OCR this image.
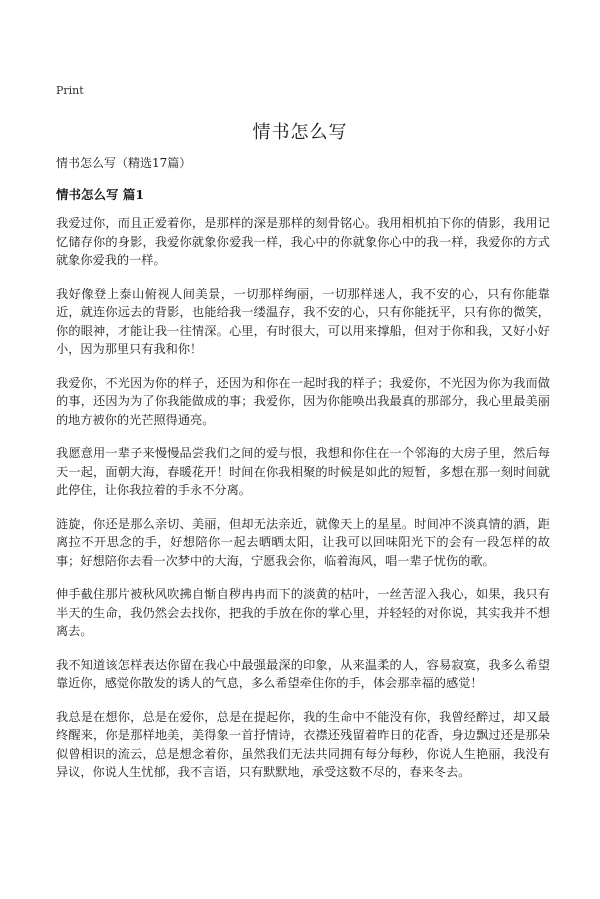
Print
情书怎么写
情书怎么写（精选17篇）
情书怎么写 篇1

我爱过你，而且正爱着你，是那样的深是那样的刻骨铭心。我用相机拍下你的倩影，我用记忆储存你的身影，我爱你就象你爱我一样，我心中的你就象你心中的我一样，我爱你的方式就象你爱我的一样。

我好像登上泰山俯视人间美景，一切那样绚丽，一切那样迷人，我不安的心，只有你能靠近，就连你远去的背影，也能给我一缕温存，我不安的心，只有你能抚平，只有你的微笑，你的眼神，才能让我一往情深。心里，有时很大，可以用来撑船，但对于你和我，又好小好小，因为那里只有我和你！

我爱你，不光因为你的样子，还因为和你在一起时我的样子；我爱你，不光因为你为我而做的事，还因为为了你我能做成的事；我爱你，因为你能唤出我最真的那部分，我心里最美丽的地方被你的光芒照得通亮。

我愿意用一辈子来慢慢品尝我们之间的爱与恨，我想和你住在一个邻海的大房子里，然后每天一起，面朝大海，春暖花开！时间在你我相聚的时候是如此的短暂，多想在那一刻时间就此停住，让你我拉着的手永不分离。

涟旋，你还是那么亲切、美丽，但却无法亲近，就像天上的星星。时间冲不淡真情的酒，距离拉不开思念的手，好想陪你一起去晒晒太阳，让我可以回味阳光下的会有一段怎样的故事；好想陪你去看一次梦中的大海，宁愿我会你，临着海风，唱一辈子忧伤的歌。

伸手截住那片被秋风吹拂自惭自秽冉冉而下的淡黄的枯叶，一丝苦涩入我心，如果，我只有半天的生命，我仍然会去找你，把我的手放在你的掌心里，并轻轻的对你说，其实我并不想离去。

我不知道该怎样表达你留在我心中最强最深的印象，从来温柔的人，容易寂寞，我多么希望靠近你，感觉你散发的诱人的气息，多么希望牵住你的手，体会那幸福的感觉！

我总是在想你，总是在爱你，总是在提起你，我的生命中不能没有你，我曾经醉过，却又最终醒来，你是那样地美，美得象一首抒情诗，衣襟还残留着昨日的花香，身边飘过还是那朵似曾相识的流云，总是想念着你，虽然我们无法共同拥有每分每秒，你说人生艳丽，我没有异议，你说人生忧郁，我不言语，只有默默地，承受这数不尽的，春来冬去。
